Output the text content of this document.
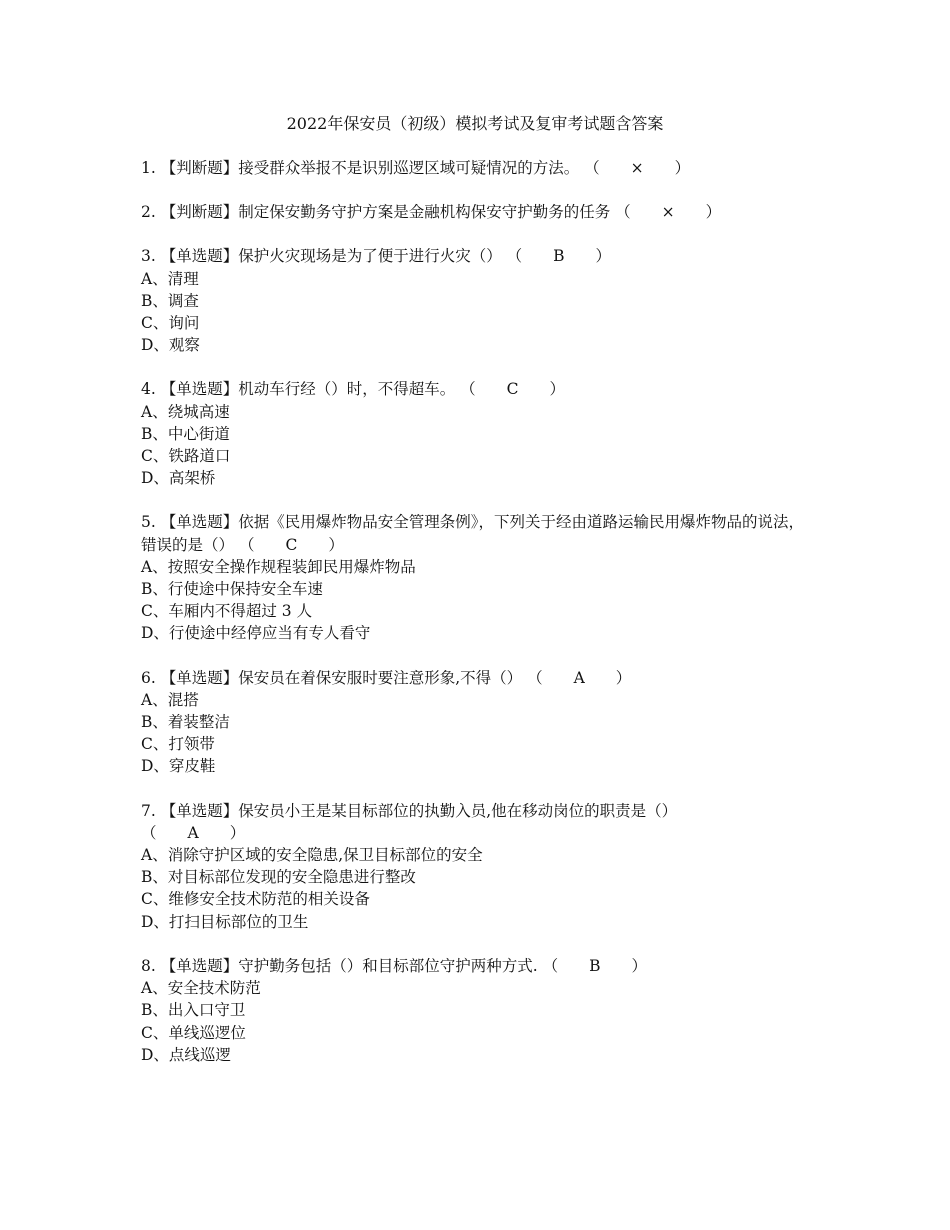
2022年保安员（初级）模拟考试及复审考试题含答案
1. 【判断题】接受群众举报不是识别巡逻区域可疑情况的方法。 （　　×　　）
2. 【判断题】制定保安勤务守护方案是金融机构保安守护勤务的任务 （　　×　　）
3. 【单选题】保护火灾现场是为了便于进行火灾（） （　　B　　）
A、清理
B、调查
C、询问
D、观察
4. 【单选题】机动车行经（）时，不得超车。 （　　C　　）
A、绕城高速
B、中心街道
C、铁路道口
D、高架桥
5. 【单选题】依据《民用爆炸物品安全管理条例》，下列关于经由道路运输民用爆炸物品的说法，错误的是（） （　　C　　）
A、按照安全操作规程装卸民用爆炸物品
B、行使途中保持安全车速
C、车厢内不得超过 3 人
D、行使途中经停应当有专人看守
6. 【单选题】保安员在着保安服时要注意形象,不得（） （　　A　　）
A、混搭
B、着装整洁
C、打领带
D、穿皮鞋
7. 【单选题】保安员小王是某目标部位的执勤入员,他在移动岗位的职责是（）
（　　A　　）
A、消除守护区域的安全隐患,保卫目标部位的安全
B、对目标部位发现的安全隐患进行整改
C、维修安全技术防范的相关设备
D、打扫目标部位的卫生
8. 【单选题】守护勤务包括（）和目标部位守护两种方式. （　　B　　）
A、安全技术防范
B、出入口守卫
C、单线巡逻位
D、点线巡逻
